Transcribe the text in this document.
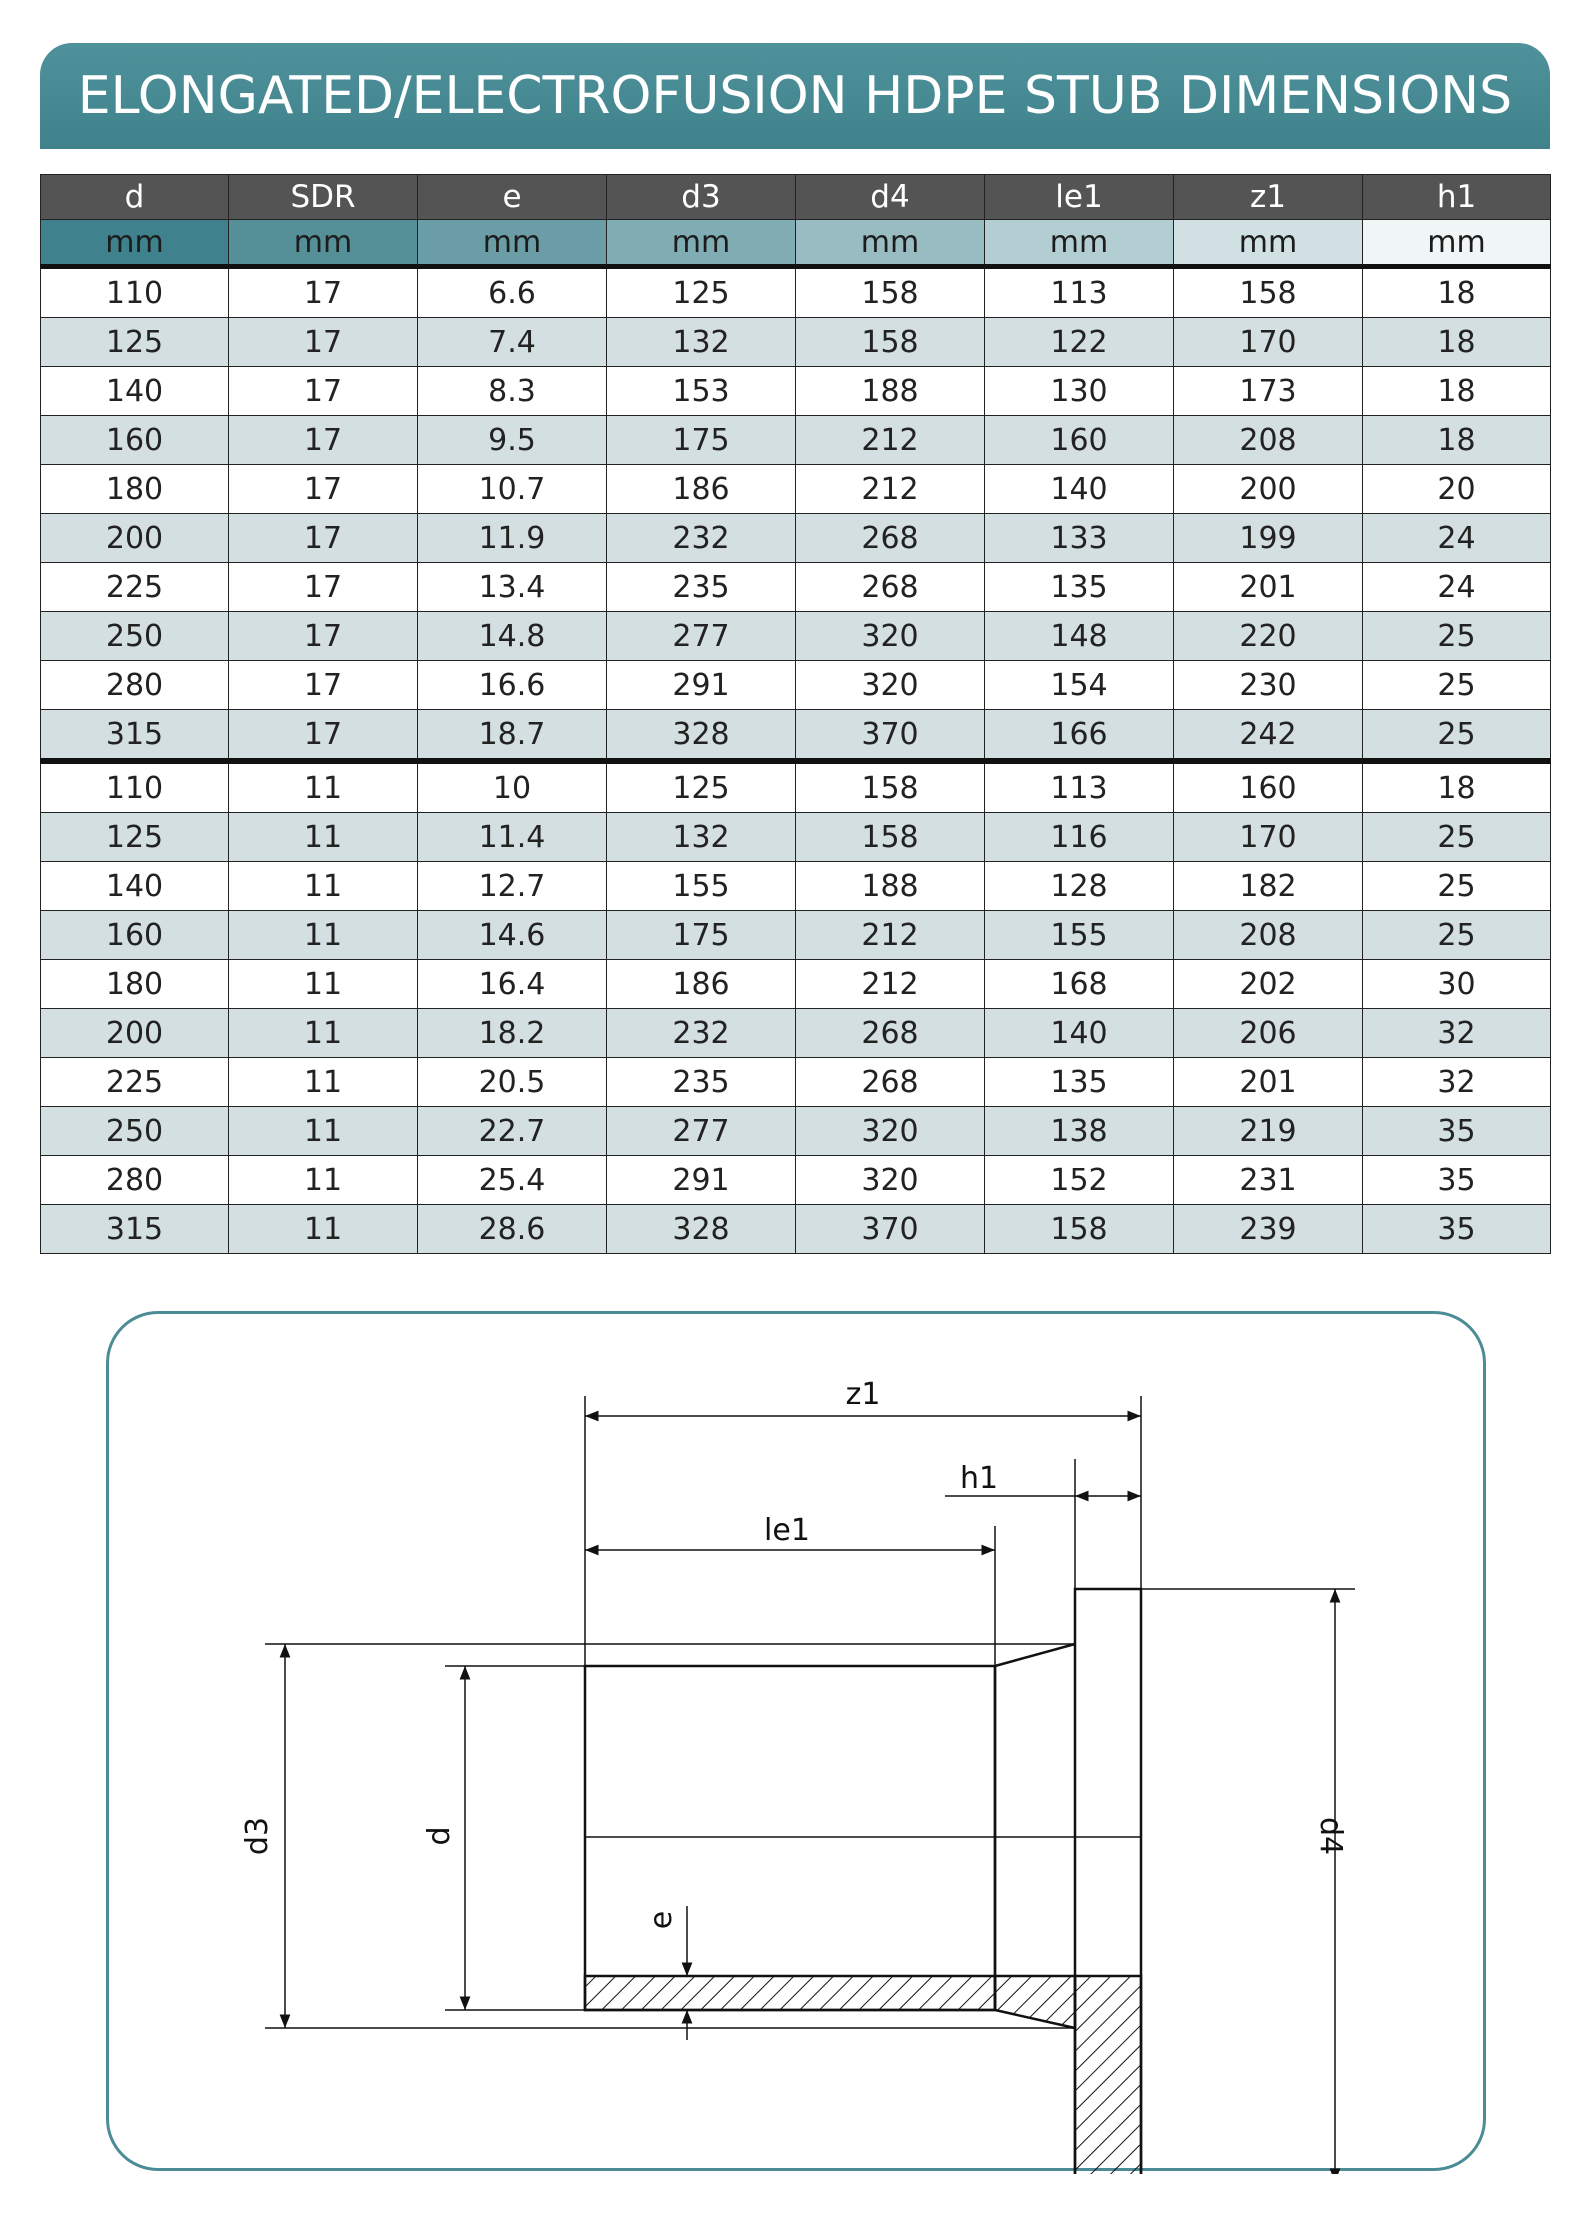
ELONGATED/ELECTROFUSION HDPE STUB DIMENSIONS
d	SDR	e	d3	d4	le1	z1	h1
mm	mm	mm	mm	mm	mm	mm	mm
110	17	6.6	125	158	113	158	18
125	17	7.4	132	158	122	170	18
140	17	8.3	153	188	130	173	18
160	17	9.5	175	212	160	208	18
180	17	10.7	186	212	140	200	20
200	17	11.9	232	268	133	199	24
225	17	13.4	235	268	135	201	24
250	17	14.8	277	320	148	220	25
280	17	16.6	291	320	154	230	25
315	17	18.7	328	370	166	242	25
110	11	10	125	158	113	160	18
125	11	11.4	132	158	116	170	25
140	11	12.7	155	188	128	182	25
160	11	14.6	175	212	155	208	25
180	11	16.4	186	212	168	202	30
200	11	18.2	232	268	140	206	32
225	11	20.5	235	268	135	201	32
250	11	22.7	277	320	138	219	35
280	11	25.4	291	320	152	231	35
315	11	28.6	328	370	158	239	35
z1
h1
le1
d3	d	d4
e
